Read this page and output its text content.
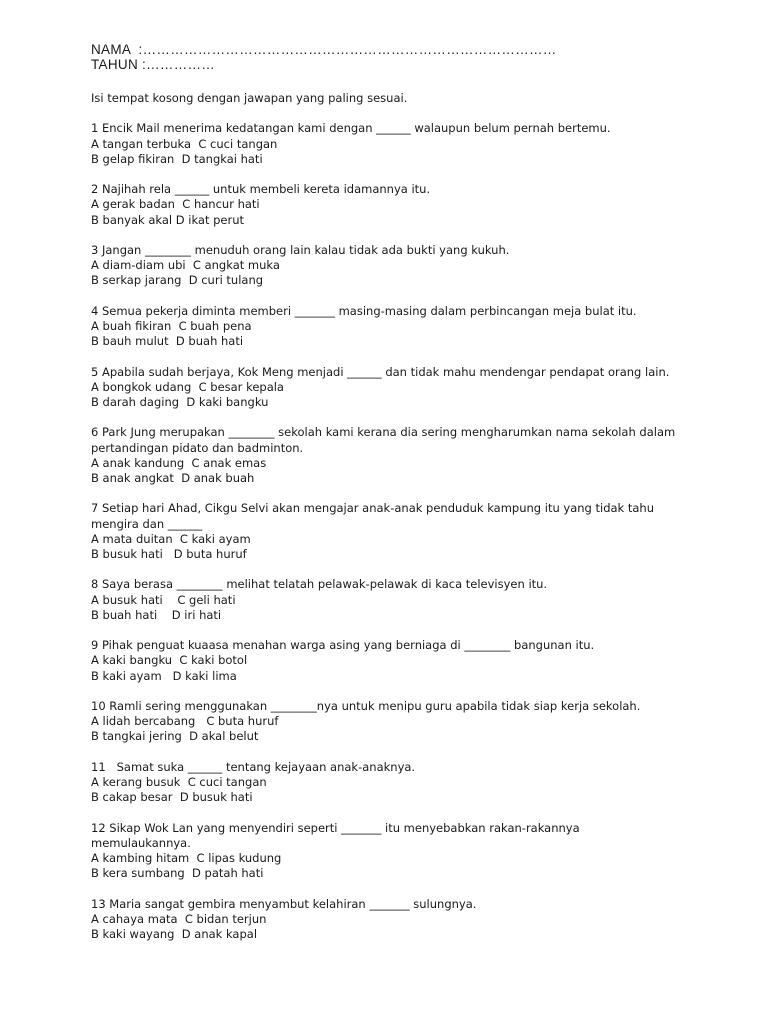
NAMA  :………………………………………………………………………………
TAHUN :……………
Isi tempat kosong dengan jawapan yang paling sesuai.
1 Encik Mail menerima kedatangan kami dengan ______ walaupun belum pernah bertemu.
A tangan terbuka  C cuci tangan
B gelap fikiran  D tangkai hati
2 Najihah rela ______ untuk membeli kereta idamannya itu.
A gerak badan  C hancur hati
B banyak akal D ikat perut
3 Jangan ________ menuduh orang lain kalau tidak ada bukti yang kukuh.
A diam-diam ubi  C angkat muka
B serkap jarang  D curi tulang
4 Semua pekerja diminta memberi _______ masing-masing dalam perbincangan meja bulat itu.
A buah fikiran  C buah pena
B bauh mulut  D buah hati
5 Apabila sudah berjaya, Kok Meng menjadi ______ dan tidak mahu mendengar pendapat orang lain.
A bongkok udang  C besar kepala
B darah daging  D kaki bangku
6 Park Jung merupakan ________ sekolah kami kerana dia sering mengharumkan nama sekolah dalam
pertandingan pidato dan badminton.
A anak kandung  C anak emas
B anak angkat  D anak buah
7 Setiap hari Ahad, Cikgu Selvi akan mengajar anak-anak penduduk kampung itu yang tidak tahu
mengira dan ______
A mata duitan  C kaki ayam
B busuk hati   D buta huruf
8 Saya berasa ________ melihat telatah pelawak-pelawak di kaca televisyen itu.
A busuk hati    C geli hati
B buah hati    D iri hati
9 Pihak penguat kuaasa menahan warga asing yang berniaga di ________ bangunan itu.
A kaki bangku  C kaki botol
B kaki ayam   D kaki lima
10 Ramli sering menggunakan ________nya untuk menipu guru apabila tidak siap kerja sekolah.
A lidah bercabang   C buta huruf
B tangkai jering  D akal belut
11   Samat suka ______ tentang kejayaan anak-anaknya.
A kerang busuk  C cuci tangan
B cakap besar  D busuk hati
12 Sikap Wok Lan yang menyendiri seperti _______ itu menyebabkan rakan-rakannya
memulaukannya.
A kambing hitam  C lipas kudung
B kera sumbang  D patah hati
13 Maria sangat gembira menyambut kelahiran _______ sulungnya.
A cahaya mata  C bidan terjun
B kaki wayang  D anak kapal
